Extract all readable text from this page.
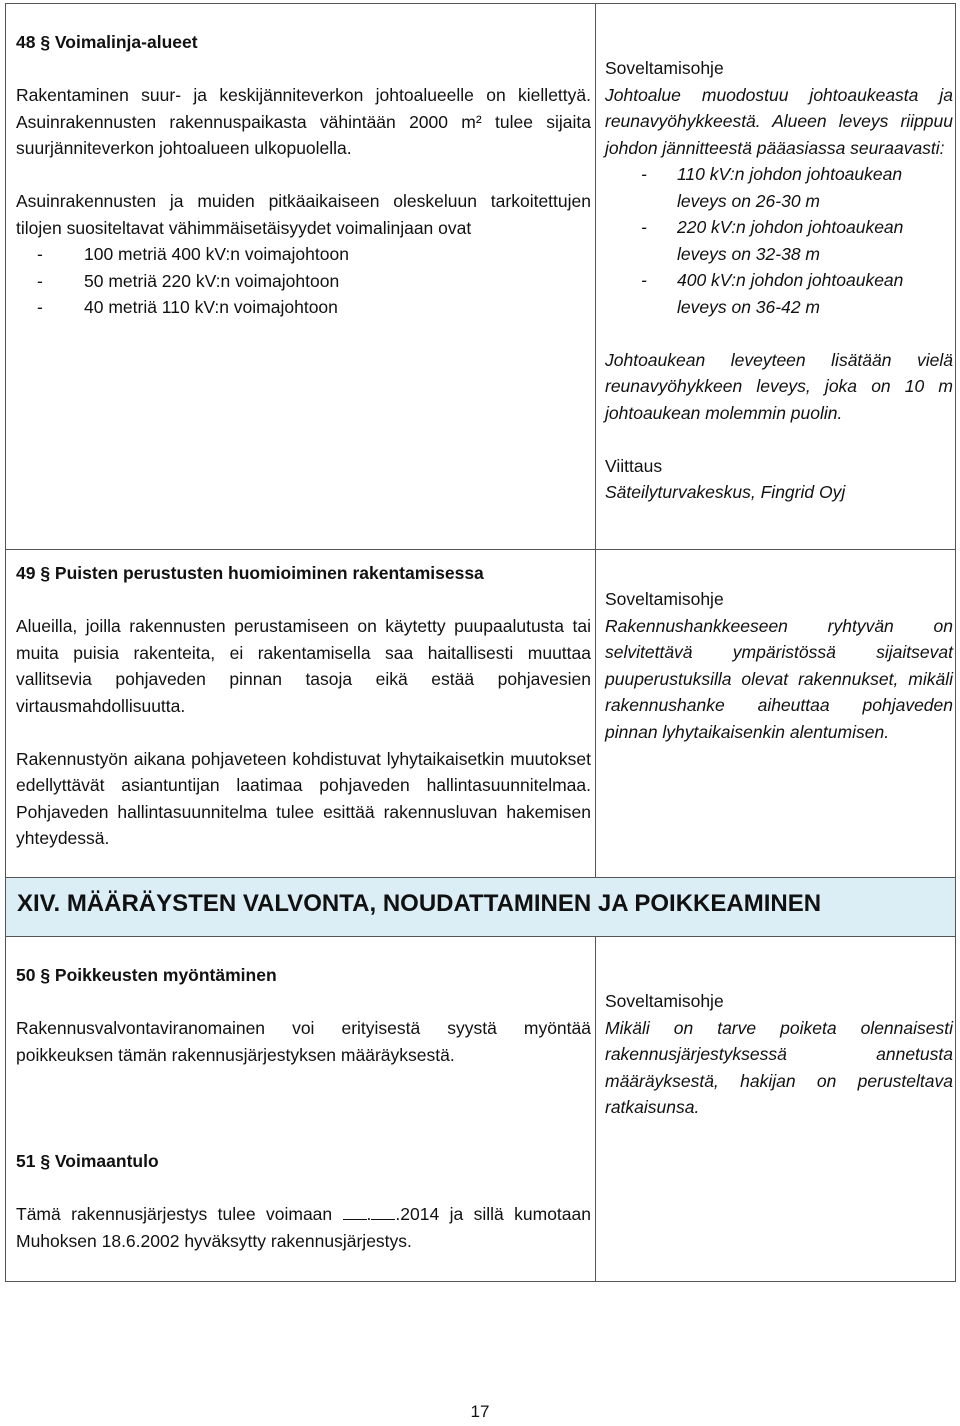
48 § Voimalinja-alueet

Rakentaminen suur- ja keskijänniteverkon johtoalueelle on kiellettyä. Asuinrakennusten rakennuspaikasta vähintään 2000 m² tulee sijaita suurjänniteverkon johtoalueen ulkopuolella.

Asuinrakennusten ja muiden pitkäaikaiseen oleskeluun tarkoitettujen tilojen suositeltavat vähimmäisetäisyydet voimalinjaan ovat

- 100 metriä 400 kV:n voimajohtoon
- 50 metriä 220 kV:n voimajohtoon
- 40 metriä 110 kV:n voimajohtoon

Soveltamisohje

Johtoalue muodostuu johtoaukeasta ja reunavyöhykkeestä. Alueen leveys riippuu johdon jännitteestä pääasiassa seuraavasti:

- 110 kV:n johdon johtoaukean leveys on 26-30 m
- 220 kV:n johdon johtoaukean leveys on 32-38 m
- 400 kV:n johdon johtoaukean leveys on 36-42 m

Johtoaukean leveyteen lisätään vielä reunavyöhykkeen leveys, joka on 10 m johtoaukean molemmin puolin.

Viittaus

Säteilyturvakeskus, Fingrid Oyj

49 § Puisten perustusten huomioiminen rakentamisessa

Alueilla, joilla rakennusten perustamiseen on käytetty puupaalutusta tai muita puisia rakenteita, ei rakentamisella saa haitallisesti muuttaa vallitsevia pohjaveden pinnan tasoja eikä estää pohjavesien virtausmahdollisuutta.

Rakennustyön aikana pohjaveteen kohdistuvat lyhytaikaisetkin muutokset edellyttävät asiantuntijan laatimaa pohjaveden hallintasuunnitelmaa. Pohjaveden hallintasuunnitelma tulee esittää rakennusluvan hakemisen yhteydessä.

Soveltamisohje

Rakennushankkeeseen ryhtyvän on selvitettävä ympäristössä sijaitsevat puuperustuksilla olevat rakennukset, mikäli rakennushanke aiheuttaa pohjaveden pinnan lyhytaikaisenkin alentumisen.

XIV. MÄÄRÄYSTEN VALVONTA, NOUDATTAMINEN JA POIKKEAMINEN

50 § Poikkeusten myöntäminen

Rakennusvalvontaviranomainen voi erityisestä syystä myöntää poikkeuksen tämän rakennusjärjestyksen määräyksestä.

Soveltamisohje

Mikäli on tarve poiketa olennaisesti rakennusjärjestyksessä annetusta määräyksestä, hakijan on perusteltava ratkaisunsa.

51 § Voimaantulo

Tämä rakennusjärjestys tulee voimaan . .2014 ja sillä kumotaan Muhoksen 18.6.2002 hyväksytty rakennusjärjestys.

17
